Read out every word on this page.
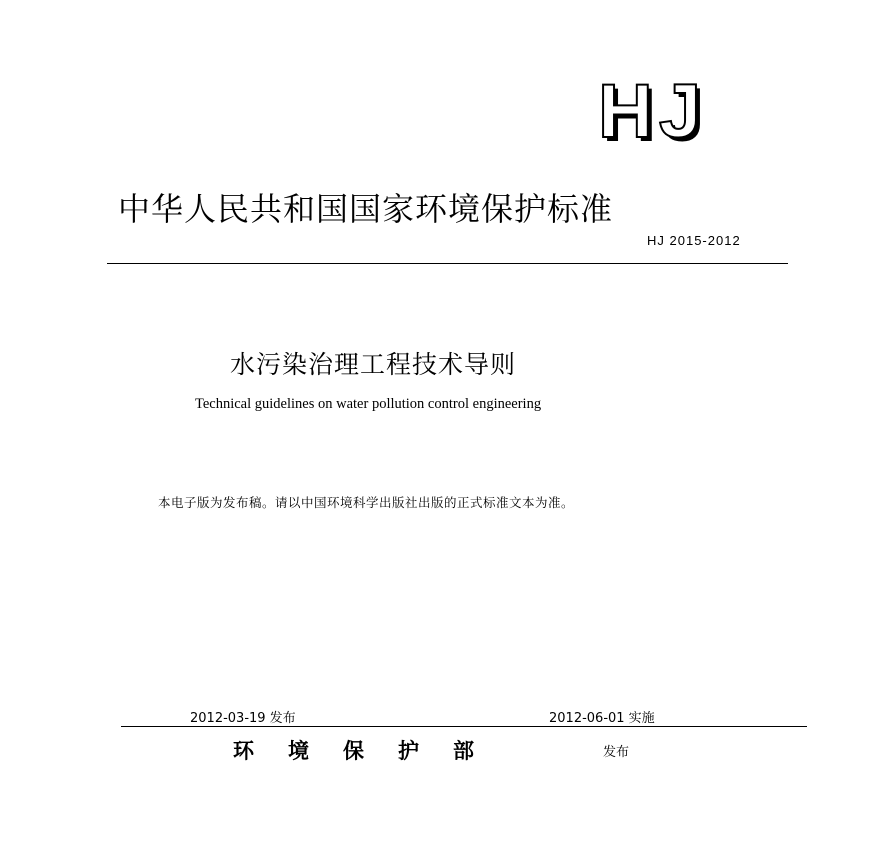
HJ
中华人民共和国国家环境保护标准
HJ 2015-2012
水污染治理工程技术导则
Technical guidelines on water pollution control engineering
本电子版为发布稿。请以中国环境科学出版社出版的正式标准文本为准。
2012-03-19 发布	2012-06-01 实施
环境保护部	发布
